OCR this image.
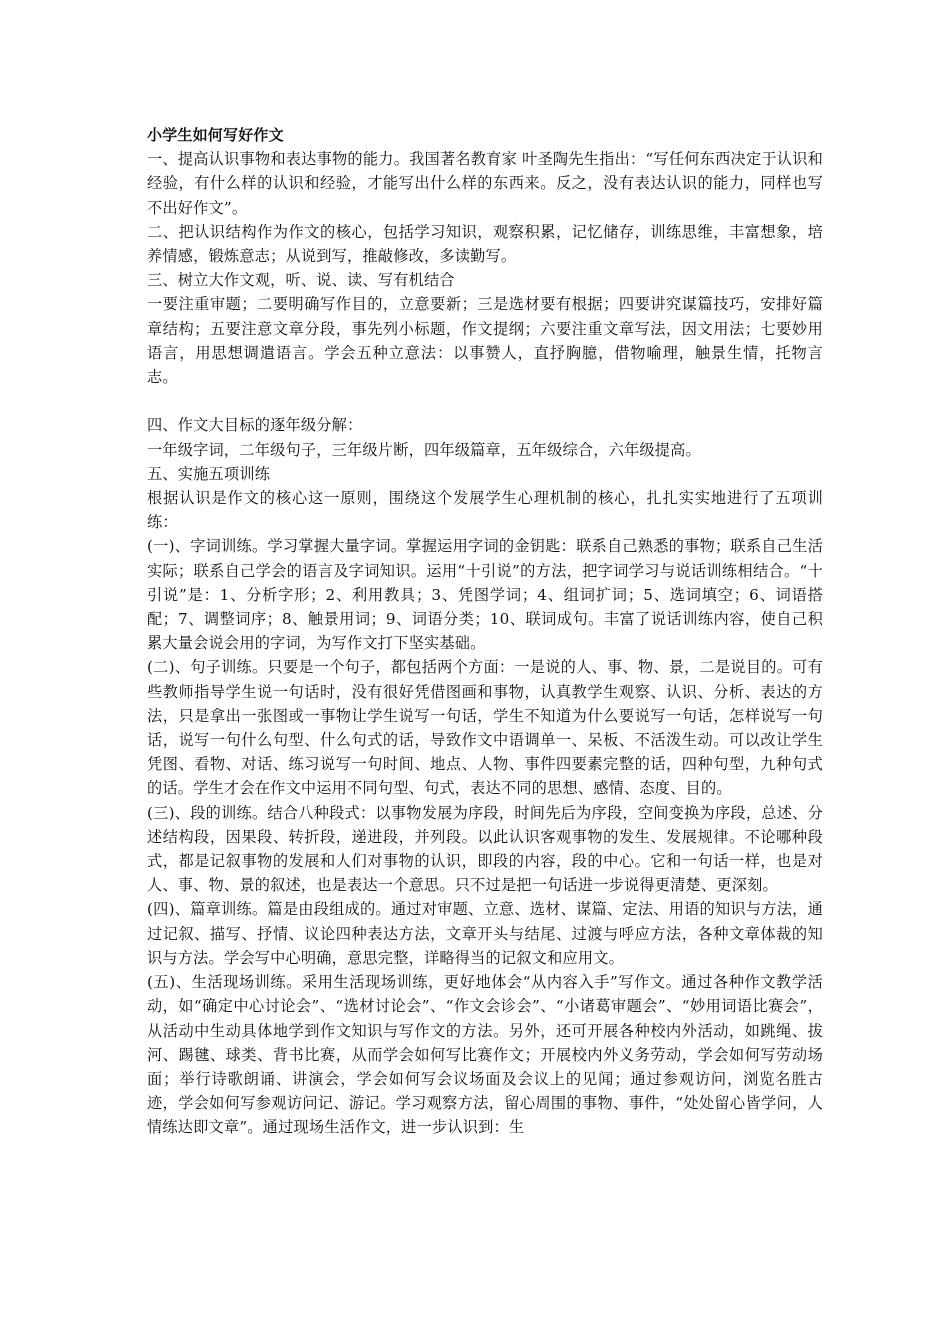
小学生如何写好作文

一、提高认识事物和表达事物的能力。我国著名教育家 叶圣陶先生指出：“写任何东西决定于认识和经验，有什么样的认识和经验，才能写出什么样的东西来。反之，没有表达认识的能力，同样也写不出好作文”。

二、把认识结构作为作文的核心，包括学习知识，观察积累，记忆储存，训练思维，丰富想象，培养情感，锻炼意志；从说到写，推敲修改，多读勤写。

三、树立大作文观，听、说、读、写有机结合

一要注重审题；二要明确写作目的，立意要新；三是选材要有根据；四要讲究谋篇技巧，安排好篇章结构；五要注意文章分段，事先列小标题，作文提纲；六要注重文章写法，因文用法；七要妙用语言，用思想调遣语言。学会五种立意法：以事赞人，直抒胸臆，借物喻理，触景生情，托物言志。

四、作文大目标的逐年级分解：

一年级字词，二年级句子，三年级片断，四年级篇章，五年级综合，六年级提高。

五、实施五项训练

根据认识是作文的核心这一原则，围绕这个发展学生心理机制的核心，扎扎实实地进行了五项训练：

(一)、字词训练。学习掌握大量字词。掌握运用字词的金钥匙：联系自己熟悉的事物；联系自己生活实际；联系自己学会的语言及字词知识。运用“十引说”的方法，把字词学习与说话训练相结合。“十引说”是：1、分析字形；2、利用教具；3、凭图学词；4、组词扩词；5、选词填空；6、词语搭配；7、调整词序；8、触景用词；9、词语分类；10、联词成句。丰富了说话训练内容，使自己积累大量会说会用的字词，为写作文打下坚实基础。

(二)、句子训练。只要是一个句子，都包括两个方面：一是说的人、事、物、景，二是说目的。可有些教师指导学生说一句话时，没有很好凭借图画和事物，认真教学生观察、认识、分析、表达的方法，只是拿出一张图或一事物让学生说写一句话，学生不知道为什么要说写一句话，怎样说写一句话，说写一句什么句型、什么句式的话，导致作文中语调单一、呆板、不活泼生动。可以改让学生凭图、看物、对话、练习说写一句时间、地点、人物、事件四要素完整的话，四种句型，九种句式的话。学生才会在作文中运用不同句型、句式，表达不同的思想、感情、态度、目的。

(三)、段的训练。结合八种段式：以事物发展为序段，时间先后为序段，空间变换为序段，总述、分述结构段，因果段、转折段，递进段，并列段。以此认识客观事物的发生、发展规律。不论哪种段式，都是记叙事物的发展和人们对事物的认识，即段的内容，段的中心。它和一句话一样，也是对人、事、物、景的叙述，也是表达一个意思。只不过是把一句话进一步说得更清楚、更深刻。

(四)、篇章训练。篇是由段组成的。通过对审题、立意、选材、谋篇、定法、用语的知识与方法，通过记叙、描写、抒情、议论四种表达方法，文章开头与结尾、过渡与呼应方法，各种文章体裁的知识与方法。学会写中心明确，意思完整，详略得当的记叙文和应用文。

(五)、生活现场训练。采用生活现场训练，更好地体会“从内容入手”写作文。通过各种作文教学活动，如“确定中心讨论会”、“选材讨论会”、“作文会诊会”、“小诸葛审题会”、“妙用词语比赛会”，从活动中生动具体地学到作文知识与写作文的方法。另外，还可开展各种校内外活动，如跳绳、拔河、踢毽、球类、背书比赛，从而学会如何写比赛作文；开展校内外义务劳动，学会如何写劳动场面；举行诗歌朗诵、讲演会，学会如何写会议场面及会议上的见闻；通过参观访问，浏览名胜古迹，学会如何写参观访问记、游记。学习观察方法，留心周围的事物、事件，“处处留心皆学问，人情练达即文章”。通过现场生活作文，进一步认识到：生
